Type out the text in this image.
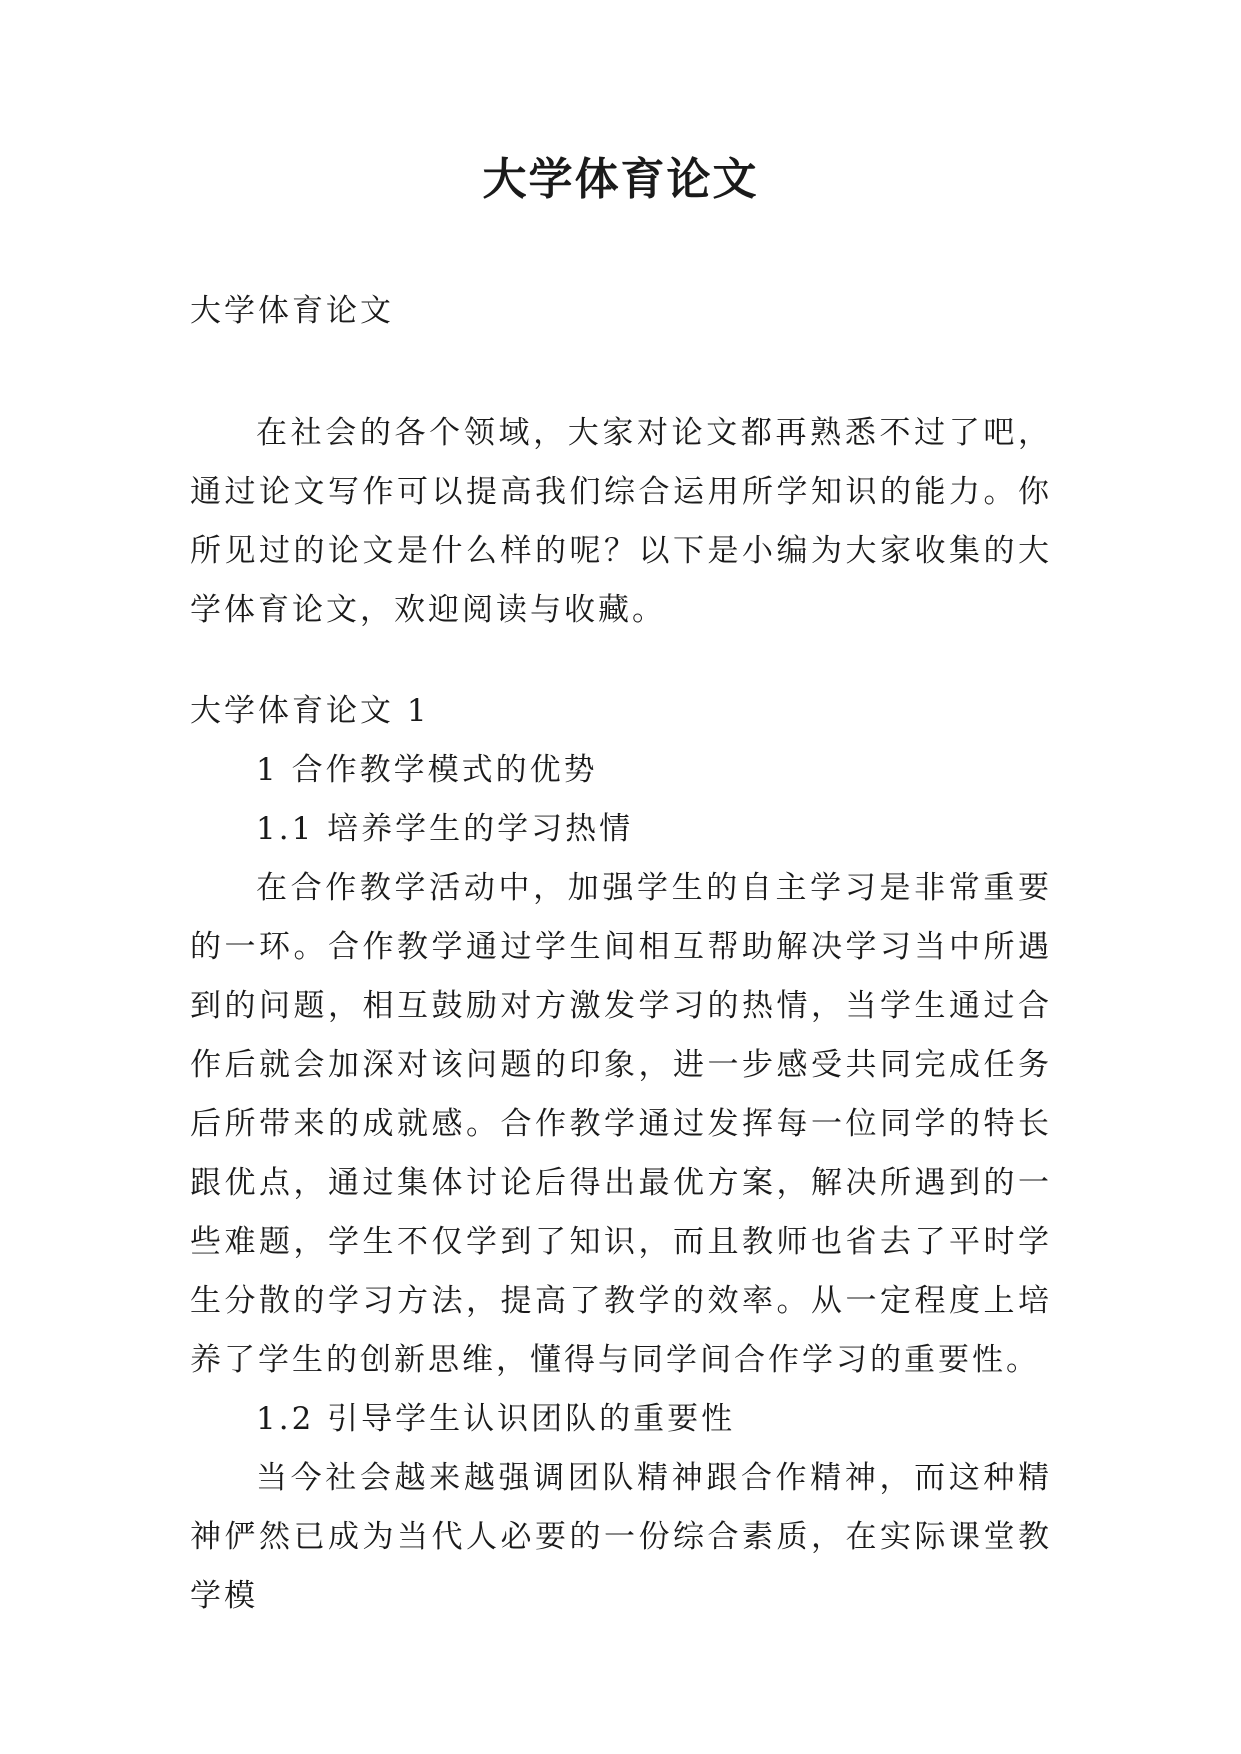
大学体育论文

大学体育论文

在社会的各个领域，大家对论文都再熟悉不过了吧，通过论文写作可以提高我们综合运用所学知识的能力。你所见过的论文是什么样的呢？以下是小编为大家收集的大学体育论文，欢迎阅读与收藏。

大学体育论文 1

1 合作教学模式的优势

1.1 培养学生的学习热情

在合作教学活动中，加强学生的自主学习是非常重要的一环。合作教学通过学生间相互帮助解决学习当中所遇到的问题，相互鼓励对方激发学习的热情，当学生通过合作后就会加深对该问题的印象，进一步感受共同完成任务后所带来的成就感。合作教学通过发挥每一位同学的特长跟优点，通过集体讨论后得出最优方案，解决所遇到的一些难题，学生不仅学到了知识，而且教师也省去了平时学生分散的学习方法，提高了教学的效率。从一定程度上培养了学生的创新思维，懂得与同学间合作学习的重要性。

1.2 引导学生认识团队的重要性

当今社会越来越强调团队精神跟合作精神，而这种精神俨然已成为当代人必要的一份综合素质，在实际课堂教学模
